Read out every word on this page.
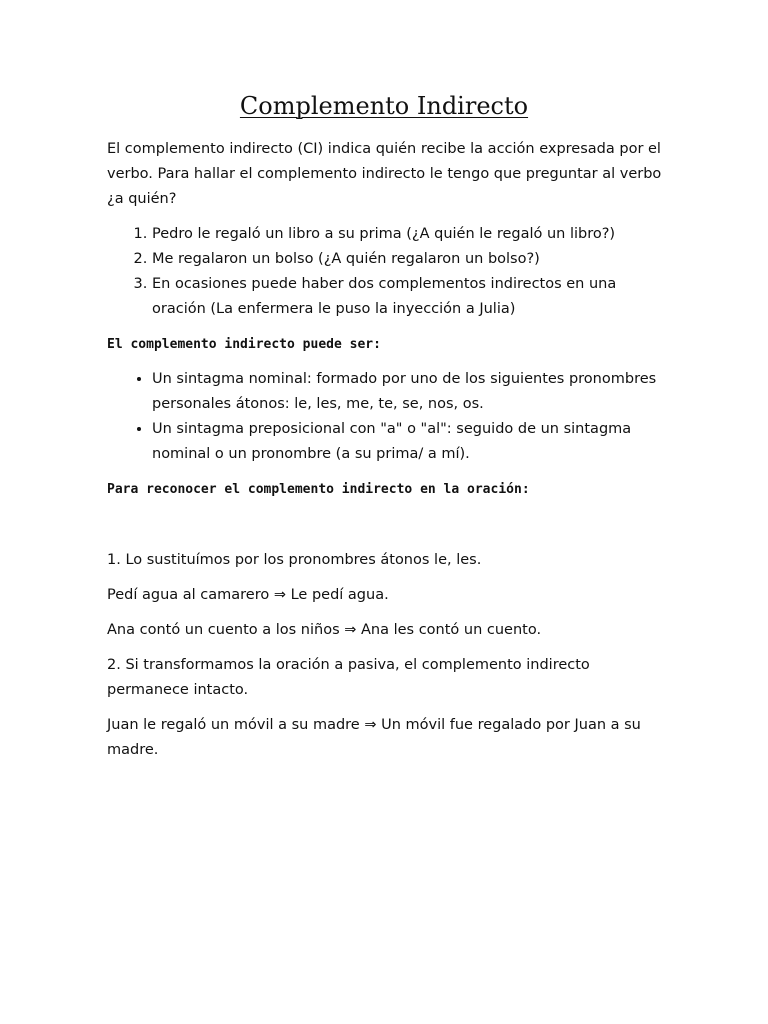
Complemento Indirecto

El complemento indirecto (CI) indica quién recibe la acción expresada por el verbo. Para hallar el complemento indirecto le tengo que preguntar al verbo ¿a quién?

1. Pedro le regaló un libro a su prima (¿A quién le regaló un libro?)
2. Me regalaron un bolso (¿A quién regalaron un bolso?)
3. En ocasiones puede haber dos complementos indirectos en una oración (La enfermera le puso la inyección a Julia)

El complemento indirecto puede ser:

• Un sintagma nominal: formado por uno de los siguientes pronombres personales átonos: le, les, me, te, se, nos, os.
• Un sintagma preposicional con "a" o "al": seguido de un sintagma nominal o un pronombre (a su prima/ a mí).

Para reconocer el complemento indirecto en la oración:

1. Lo sustituímos por los pronombres átonos le, les.

Pedí agua al camarero ⇒ Le pedí agua.

Ana contó un cuento a los niños ⇒ Ana les contó un cuento.

2. Si transformamos la oración a pasiva, el complemento indirecto permanece intacto.

Juan le regaló un móvil a su madre ⇒ Un móvil fue regalado por Juan a su madre.
